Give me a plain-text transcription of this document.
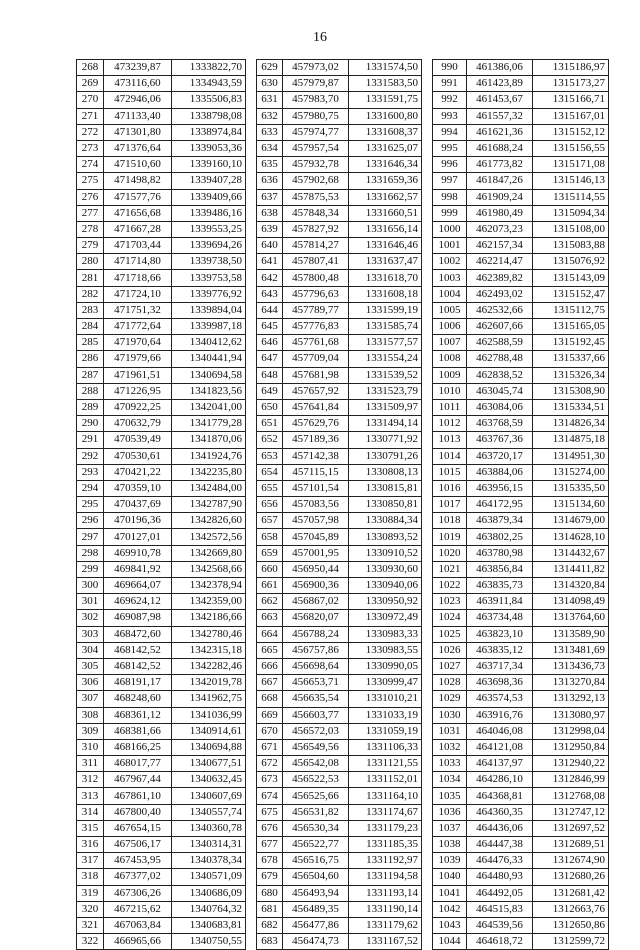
16
268	473239,87	1333822,70
269	473116,60	1334943,59
270	472946,06	1335506,83
271	471133,40	1338798,08
272	471301,80	1338974,84
273	471376,64	1339053,36
274	471510,60	1339160,10
275	471498,82	1339407,28
276	471577,76	1339409,66
277	471656,68	1339486,16
278	471667,28	1339553,25
279	471703,44	1339694,26
280	471714,80	1339738,50
281	471718,66	1339753,58
282	471724,10	1339776,92
283	471751,32	1339894,04
284	471772,64	1339987,18
285	471970,64	1340412,62
286	471979,66	1340441,94
287	471961,51	1340694,58
288	471226,95	1341823,56
289	470922,25	1342041,00
290	470632,79	1341779,28
291	470539,49	1341870,06
292	470530,61	1341924,76
293	470421,22	1342235,80
294	470359,10	1342484,00
295	470437,69	1342787,90
296	470196,36	1342826,60
297	470127,01	1342572,56
298	469910,78	1342669,80
299	469841,92	1342568,66
300	469664,07	1342378,94
301	469624,12	1342359,00
302	469087,98	1342186,66
303	468472,60	1342780,46
304	468142,52	1342315,18
305	468142,52	1342282,46
306	468191,17	1342019,78
307	468248,60	1341962,75
308	468361,12	1341036,99
309	468381,66	1340914,61
310	468166,25	1340694,88
311	468017,77	1340677,51
312	467967,44	1340632,45
313	467861,10	1340607,69
314	467800,40	1340557,74
315	467654,15	1340360,78
316	467506,17	1340314,31
317	467453,95	1340378,34
318	467377,02	1340571,09
319	467306,26	1340686,09
320	467215,62	1340764,32
321	467063,84	1340683,81
322	466965,66	1340750,55
629	457973,02	1331574,50
630	457979,87	1331583,50
631	457983,70	1331591,75
632	457980,75	1331600,80
633	457974,77	1331608,37
634	457957,54	1331625,07
635	457932,78	1331646,34
636	457902,68	1331659,36
637	457875,53	1331662,57
638	457848,34	1331660,51
639	457827,92	1331656,14
640	457814,27	1331646,46
641	457807,41	1331637,47
642	457800,48	1331618,70
643	457796,63	1331608,18
644	457789,77	1331599,19
645	457776,83	1331585,74
646	457761,68	1331577,57
647	457709,04	1331554,24
648	457681,98	1331539,52
649	457657,92	1331523,79
650	457641,84	1331509,97
651	457629,76	1331494,14
652	457189,36	1330771,92
653	457142,38	1330791,26
654	457115,15	1330808,13
655	457101,54	1330815,81
656	457083,56	1330850,81
657	457057,98	1330884,34
658	457045,89	1330893,52
659	457001,95	1330910,52
660	456950,44	1330930,60
661	456900,36	1330940,06
662	456867,02	1330950,92
663	456820,07	1330972,49
664	456788,24	1330983,33
665	456757,86	1330983,55
666	456698,64	1330990,05
667	456653,71	1330999,47
668	456635,54	1331010,21
669	456603,77	1331033,19
670	456572,03	1331059,19
671	456549,56	1331106,33
672	456542,08	1331121,55
673	456522,53	1331152,01
674	456525,66	1331164,10
675	456531,82	1331174,67
676	456530,34	1331179,23
677	456522,77	1331185,35
678	456516,75	1331192,97
679	456504,60	1331194,58
680	456493,94	1331193,14
681	456489,35	1331190,14
682	456477,86	1331179,62
683	456474,73	1331167,52
990	461386,06	1315186,97
991	461423,89	1315173,27
992	461453,67	1315166,71
993	461557,32	1315167,01
994	461621,36	1315152,12
995	461688,24	1315156,55
996	461773,82	1315171,08
997	461847,26	1315146,13
998	461909,24	1315114,55
999	461980,49	1315094,34
1000	462073,23	1315108,00
1001	462157,34	1315083,88
1002	462214,47	1315076,92
1003	462389,82	1315143,09
1004	462493,02	1315152,47
1005	462532,66	1315112,75
1006	462607,66	1315165,05
1007	462588,59	1315192,45
1008	462788,48	1315337,66
1009	462838,52	1315326,34
1010	463045,74	1315308,90
1011	463084,06	1315334,51
1012	463768,59	1314826,34
1013	463767,36	1314875,18
1014	463720,17	1314951,30
1015	463884,06	1315274,00
1016	463956,15	1315335,50
1017	464172,95	1315134,60
1018	463879,34	1314679,00
1019	463802,25	1314628,10
1020	463780,98	1314432,67
1021	463856,84	1314411,82
1022	463835,73	1314320,84
1023	463911,84	1314098,49
1024	463734,48	1313764,60
1025	463823,10	1313589,90
1026	463835,12	1313481,69
1027	463717,34	1313436,73
1028	463698,36	1313270,84
1029	463574,53	1313292,13
1030	463916,76	1313080,97
1031	464046,08	1312998,04
1032	464121,08	1312950,84
1033	464137,97	1312940,22
1034	464286,10	1312846,99
1035	464368,81	1312768,08
1036	464360,35	1312747,12
1037	464436,06	1312697,52
1038	464447,38	1312689,51
1039	464476,33	1312674,90
1040	464480,93	1312680,26
1041	464492,05	1312681,42
1042	464515,83	1312663,76
1043	464539,56	1312650,86
1044	464618,72	1312599,72
